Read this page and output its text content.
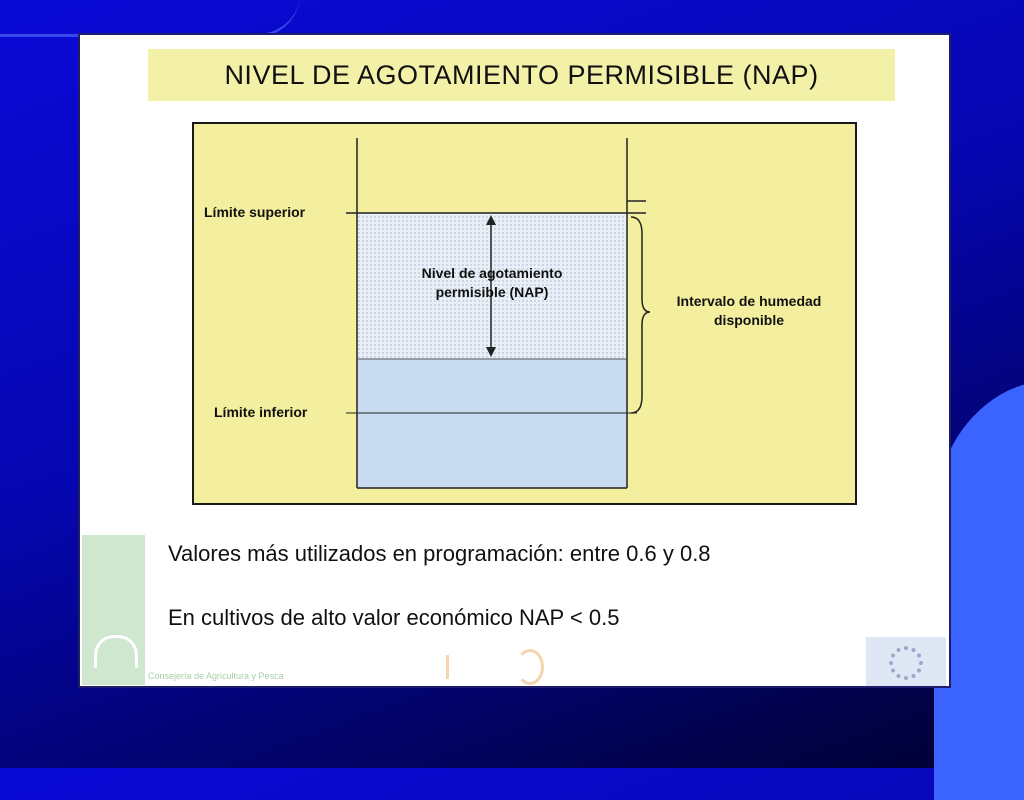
NIVEL DE AGOTAMIENTO PERMISIBLE (NAP)
Límite superior
Límite inferior
Nivel de agotamiento
permisible (NAP)
Intervalo de humedad
disponible
Valores más utilizados en programación: entre 0.6 y 0.8
En cultivos de alto valor económico NAP < 0.5
Consejería de Agricultura y Pesca
